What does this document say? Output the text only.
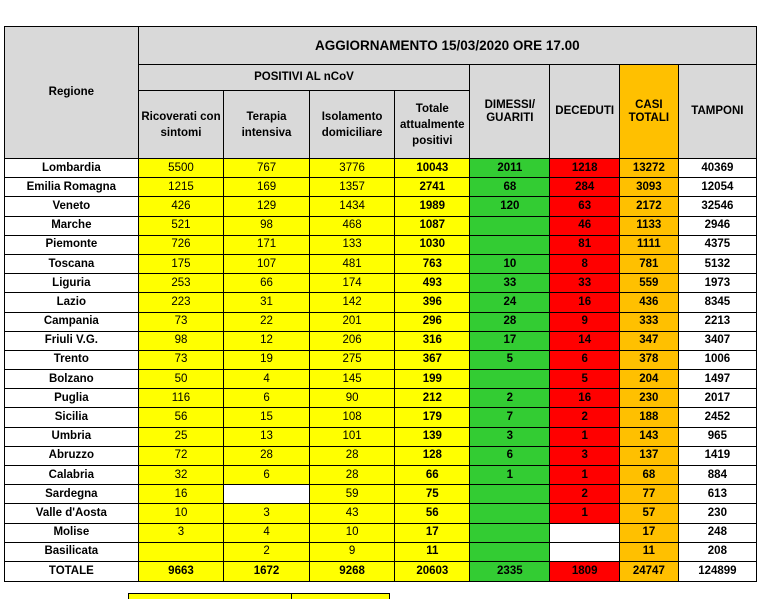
Regione	AGGIORNAMENTO 15/03/2020 ORE 17.00							
	POSITIVI AL nCoV				DIMESSI/ GUARITI	DECEDUTI	CASI TOTALI	TAMPONI
	Ricoverati con sintomi	Terapia intensiva	Isolamento domiciliare	Totale attualmente positivi				
Lombardia	5500	767	3776	10043	2011	1218	13272	40369
Emilia Romagna	1215	169	1357	2741	68	284	3093	12054
Veneto	426	129	1434	1989	120	63	2172	32546
Marche	521	98	468	1087		46	1133	2946
Piemonte	726	171	133	1030		81	1111	4375
Toscana	175	107	481	763	10	8	781	5132
Liguria	253	66	174	493	33	33	559	1973
Lazio	223	31	142	396	24	16	436	8345
Campania	73	22	201	296	28	9	333	2213
Friuli V.G.	98	12	206	316	17	14	347	3407
Trento	73	19	275	367	5	6	378	1006
Bolzano	50	4	145	199		5	204	1497
Puglia	116	6	90	212	2	16	230	2017
Sicilia	56	15	108	179	7	2	188	2452
Umbria	25	13	101	139	3	1	143	965
Abruzzo	72	28	28	128	6	3	137	1419
Calabria	32	6	28	66	1	1	68	884
Sardegna	16		59	75		2	77	613
Valle d'Aosta	10	3	43	56		1	57	230
Molise	3	4	10	17			17	248
Basilicata		2	9	11			11	208
TOTALE	9663	1672	9268	20603	2335	1809	24747	124899
